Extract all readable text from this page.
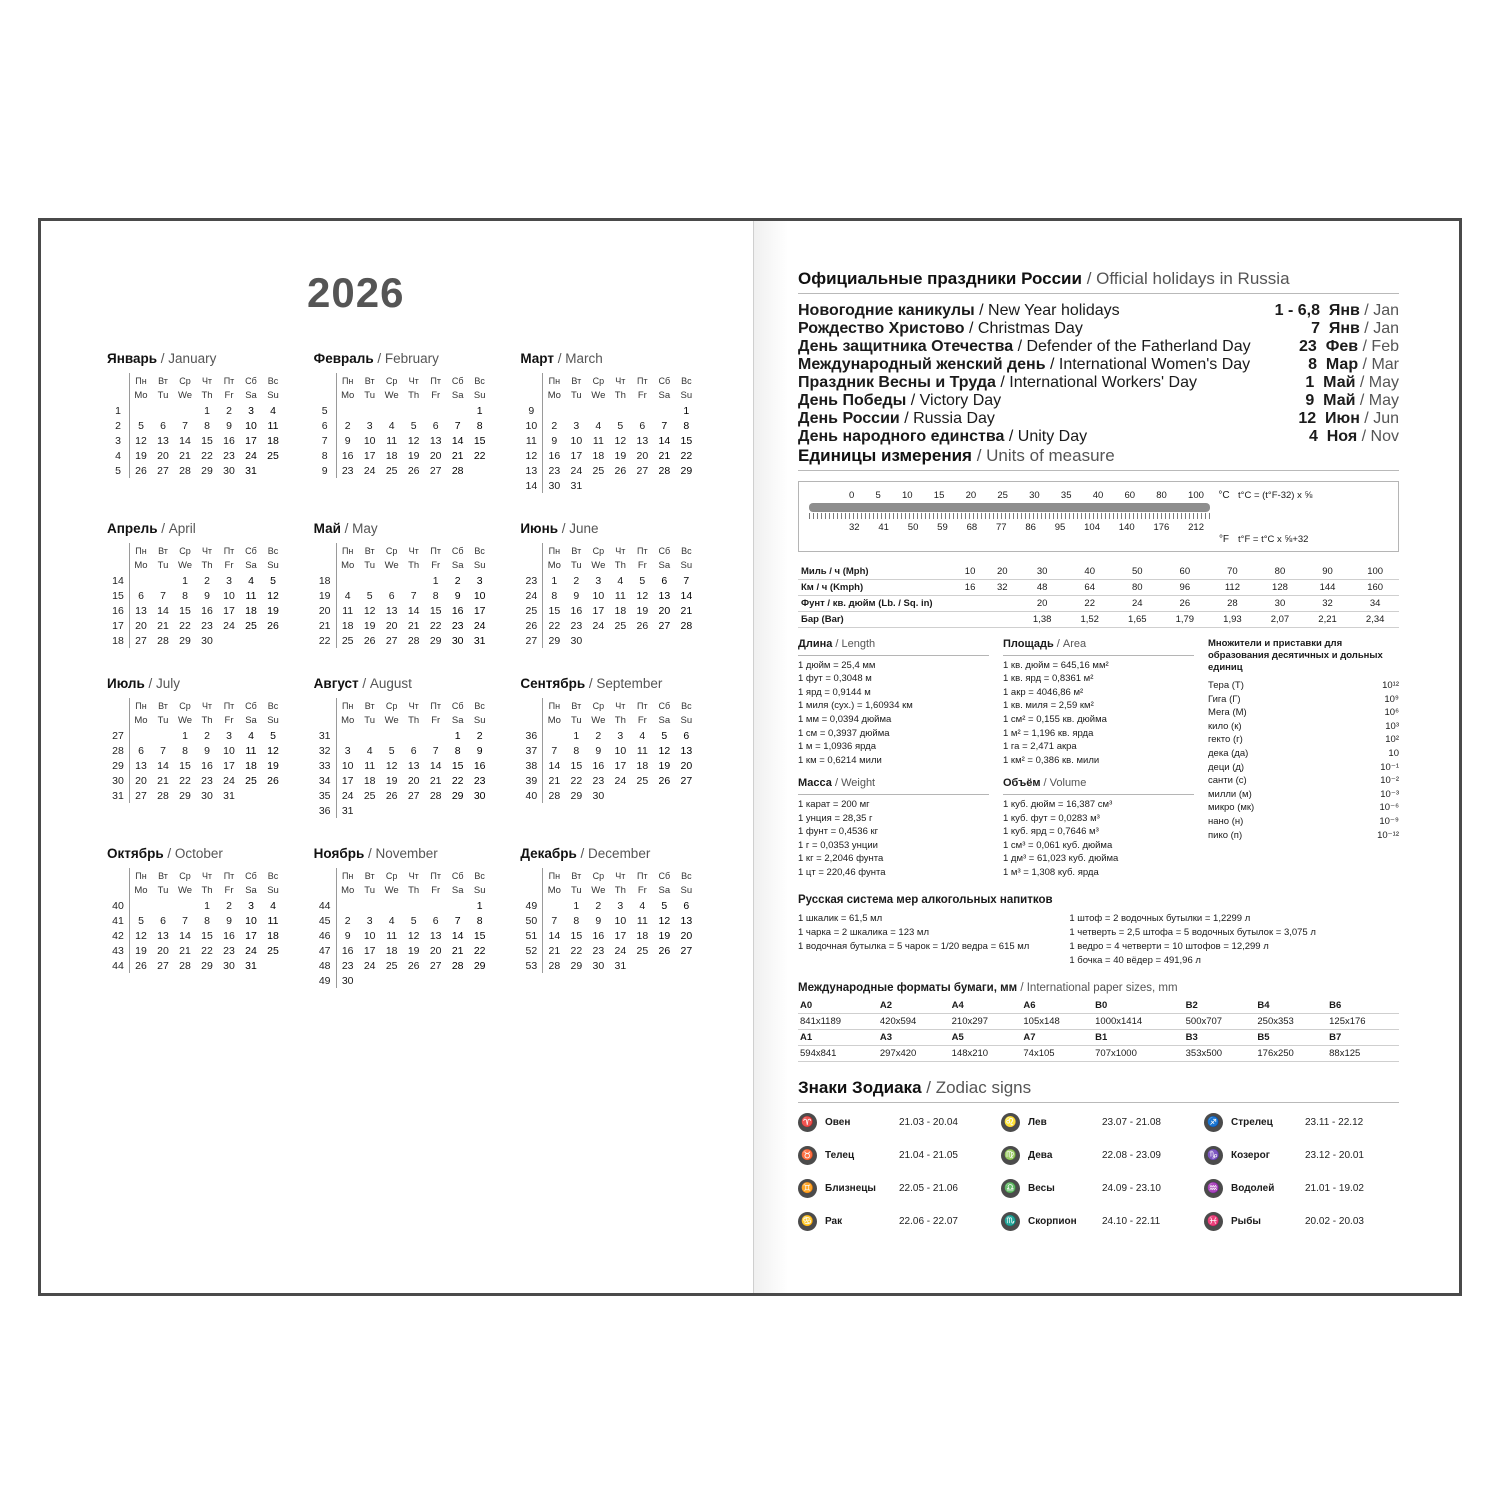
2026
Январь / January
	Пн	Вт	Ср	Чт	Пт	Сб	Вс
	Mo	Tu	We	Th	Fr	Sa	Su
1				1	2	3	4
2	5	6	7	8	9	10	11
3	12	13	14	15	16	17	18
4	19	20	21	22	23	24	25
5	26	27	28	29	30	31	
Февраль / February
	Пн	Вт	Ср	Чт	Пт	Сб	Вс
	Mo	Tu	We	Th	Fr	Sa	Su
5							1
6	2	3	4	5	6	7	8
7	9	10	11	12	13	14	15
8	16	17	18	19	20	21	22
9	23	24	25	26	27	28	
Март / March
	Пн	Вт	Ср	Чт	Пт	Сб	Вс
	Mo	Tu	We	Th	Fr	Sa	Su
9							1
10	2	3	4	5	6	7	8
11	9	10	11	12	13	14	15
12	16	17	18	19	20	21	22
13	23	24	25	26	27	28	29
14	30	31					
Апрель / April
	Пн	Вт	Ср	Чт	Пт	Сб	Вс
	Mo	Tu	We	Th	Fr	Sa	Su
14			1	2	3	4	5
15	6	7	8	9	10	11	12
16	13	14	15	16	17	18	19
17	20	21	22	23	24	25	26
18	27	28	29	30			
Май / May
	Пн	Вт	Ср	Чт	Пт	Сб	Вс
	Mo	Tu	We	Th	Fr	Sa	Su
18					1	2	3
19	4	5	6	7	8	9	10
20	11	12	13	14	15	16	17
21	18	19	20	21	22	23	24
22	25	26	27	28	29	30	31
Июнь / June
	Пн	Вт	Ср	Чт	Пт	Сб	Вс
	Mo	Tu	We	Th	Fr	Sa	Su
23	1	2	3	4	5	6	7
24	8	9	10	11	12	13	14
25	15	16	17	18	19	20	21
26	22	23	24	25	26	27	28
27	29	30					
Июль / July
	Пн	Вт	Ср	Чт	Пт	Сб	Вс
	Mo	Tu	We	Th	Fr	Sa	Su
27			1	2	3	4	5
28	6	7	8	9	10	11	12
29	13	14	15	16	17	18	19
30	20	21	22	23	24	25	26
31	27	28	29	30	31		
Август / August
	Пн	Вт	Ср	Чт	Пт	Сб	Вс
	Mo	Tu	We	Th	Fr	Sa	Su
31						1	2
32	3	4	5	6	7	8	9
33	10	11	12	13	14	15	16
34	17	18	19	20	21	22	23
35	24	25	26	27	28	29	30
36	31						
Сентябрь / September
	Пн	Вт	Ср	Чт	Пт	Сб	Вс
	Mo	Tu	We	Th	Fr	Sa	Su
36		1	2	3	4	5	6
37	7	8	9	10	11	12	13
38	14	15	16	17	18	19	20
39	21	22	23	24	25	26	27
40	28	29	30				
Октябрь / October
	Пн	Вт	Ср	Чт	Пт	Сб	Вс
	Mo	Tu	We	Th	Fr	Sa	Su
40				1	2	3	4
41	5	6	7	8	9	10	11
42	12	13	14	15	16	17	18
43	19	20	21	22	23	24	25
44	26	27	28	29	30	31	
Ноябрь / November
	Пн	Вт	Ср	Чт	Пт	Сб	Вс
	Mo	Tu	We	Th	Fr	Sa	Su
44							1
45	2	3	4	5	6	7	8
46	9	10	11	12	13	14	15
47	16	17	18	19	20	21	22
48	23	24	25	26	27	28	29
49	30						
Декабрь / December
	Пн	Вт	Ср	Чт	Пт	Сб	Вс
	Mo	Tu	We	Th	Fr	Sa	Su
49		1	2	3	4	5	6
50	7	8	9	10	11	12	13
51	14	15	16	17	18	19	20
52	21	22	23	24	25	26	27
53	28	29	30	31			
Официальные праздники России / Official holidays in Russia
Новогодние каникулы / New Year holidays	1 - 6,8 Янв / Jan
Рождество Христово / Christmas Day	7 Янв / Jan
День защитника Отечества / Defender of the Fatherland Day	23 Фев / Feb
Международный женский день / International Women's Day	8 Мар / Mar
Праздник Весны и Труда / International Workers' Day	1 Май / May
День Победы / Victory Day	9 Май / May
День России / Russia Day	12 Июн / Jun
День народного единства / Unity Day	4 Ноя / Nov
Единицы измерения / Units of measure
0 5 10 15 20 25 30 35 40 60 80 100
32 41 50 59 68 77 86 95 104 140 176 212
°C
°F
t°C = (t°F-32) x ⅝
t°F = t°C x ⅝+32
Миль / ч (Mph)	10	20	30	40	50	60	70	80	90	100
Км / ч (Kmph)	16	32	48	64	80	96	112	128	144	160
Фунт / кв. дюйм (Lb. / Sq. in)			20	22	24	26	28	30	32	34
Бар (Bar)			1,38	1,52	1,65	1,79	1,93	2,07	2,21	2,34
Длина / Length
1 дюйм = 25,4 мм
1 фут = 0,3048 м
1 ярд = 0,9144 м
1 миля (сух.) = 1,60934 км
1 мм = 0,0394 дюйма
1 см = 0,3937 дюйма
1 м = 1,0936 ярда
1 км = 0,6214 мили
Масса / Weight
1 карат = 200 мг
1 унция = 28,35 г
1 фунт = 0,4536 кг
1 г = 0,0353 унции
1 кг = 2,2046 фунта
1 цт = 220,46 фунта
Площадь / Area
1 кв. дюйм = 645,16 мм²
1 кв. ярд = 0,8361 м²
1 акр = 4046,86 м²
1 кв. миля = 2,59 км²
1 см² = 0,155 кв. дюйма
1 м² = 1,196 кв. ярда
1 га = 2,471 акра
1 км² = 0,386 кв. мили
Объём / Volume
1 куб. дюйм = 16,387 см³
1 куб. фут = 0,0283 м³
1 куб. ярд = 0,7646 м³
1 см³ = 0,061 куб. дюйма
1 дм³ = 61,023 куб. дюйма
1 м³ = 1,308 куб. ярда
Множители и приставки для образования десятичных и дольных единиц
Тера (Т)	10¹²
Гига (Г)	10⁹
Мега (М)	10⁶
кило (к)	10³
гекто (г)	10²
дека (да)	10
деци (д)	10⁻¹
санти (с)	10⁻²
милли (м)	10⁻³
микро (мк)	10⁻⁶
нано (н)	10⁻⁹
пико (п)	10⁻¹²
Русская система мер алкогольных напитков
1 шкалик = 61,5 мл
1 чарка = 2 шкалика = 123 мл
1 водочная бутылка = 5 чарок = 1/20 ведра = 615 мл
1 штоф = 2 водочных бутылки = 1,2299 л
1 четверть = 2,5 штофа = 5 водочных бутылок = 3,075 л
1 ведро = 4 четверти = 10 штофов = 12,299 л
1 бочка = 40 вёдер = 491,96 л
Международные форматы бумаги, мм / International paper sizes, mm
A0	A2	A4	A6	B0	B2	B4	B6
841x1189	420x594	210x297	105x148	1000x1414	500x707	250x353	125x176
A1	A3	A5	A7	B1	B3	B5	B7
594x841	297x420	148x210	74x105	707x1000	353x500	176x250	88x125
Знаки Зодиака / Zodiac signs
♈	Овен	21.03 - 20.04
♉	Телец	21.04 - 21.05
♊	Близнецы	22.05 - 21.06
♋	Рак	22.06 - 22.07
♌	Лев	23.07 - 21.08
♍	Дева	22.08 - 23.09
♎	Весы	24.09 - 23.10
♏	Скорпион	24.10 - 22.11
♐	Стрелец	23.11 - 22.12
♑	Козерог	23.12 - 20.01
♒	Водолей	21.01 - 19.02
♓	Рыбы	20.02 - 20.03
